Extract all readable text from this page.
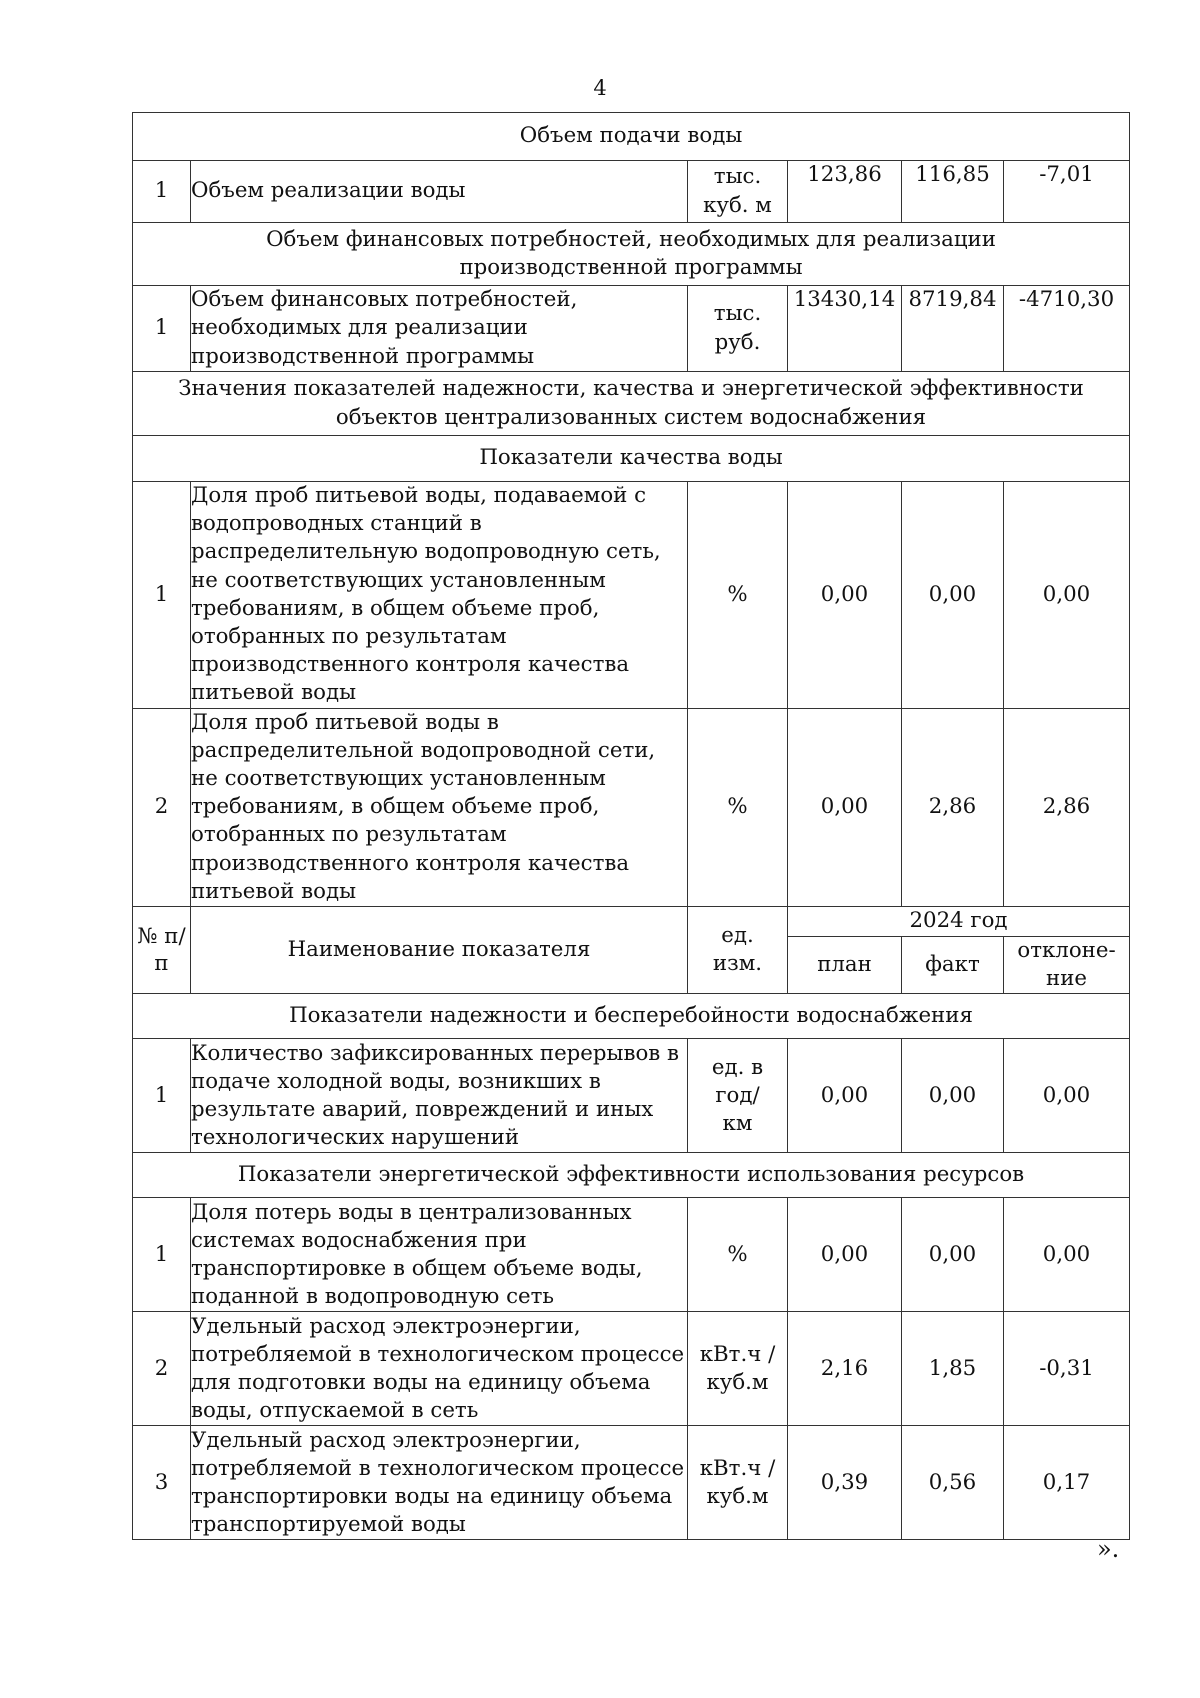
4
Объем подачи воды					
1	Объем реализации воды	тыс. куб. м	123,86	116,85	-7,01
Объем финансовых потребностей, необходимых для реализации производственной программы					
1	Объем финансовых потребностей, необходимых для реализации производственной программы	тыс. руб.	13430,14	8719,84	-4710,30
Значения показателей надежности, качества и энергетической эффективности объектов централизованных систем водоснабжения					
Показатели качества воды					
1	Доля проб питьевой воды, подаваемой с водопроводных станций в распределительную водопроводную сеть, не соответствующих установленным требованиям, в общем объеме проб, отобранных по результатам производственного контроля качества питьевой воды	%	0,00	0,00	0,00
2	Доля проб питьевой воды в распределительной водопроводной сети, не соответствующих установленным требованиям, в общем объеме проб, отобранных по результатам производственного контроля качества питьевой воды	%	0,00	2,86	2,86
№ п/п	Наименование показателя	ед. изм.	2024 год		
			план	факт	отклоне-ние
Показатели надежности и бесперебойности водоснабжения					
1	Количество зафиксированных перерывов в подаче холодной воды, возникших в результате аварий, повреждений и иных технологических нарушений	ед. в год/ км	0,00	0,00	0,00
Показатели энергетической эффективности использования ресурсов					
1	Доля потерь воды в централизованных системах водоснабжения при транспортировке в общем объеме воды, поданной в водопроводную сеть	%	0,00	0,00	0,00
2	Удельный расход электроэнергии, потребляемой в технологическом процессе для подготовки воды на единицу объема воды, отпускаемой в сеть	кВт.ч / куб.м	2,16	1,85	-0,31
3	Удельный расход электроэнергии, потребляемой в технологическом процессе транспортировки воды на единицу объема транспортируемой воды	кВт.ч / куб.м	0,39	0,56	0,17
».
